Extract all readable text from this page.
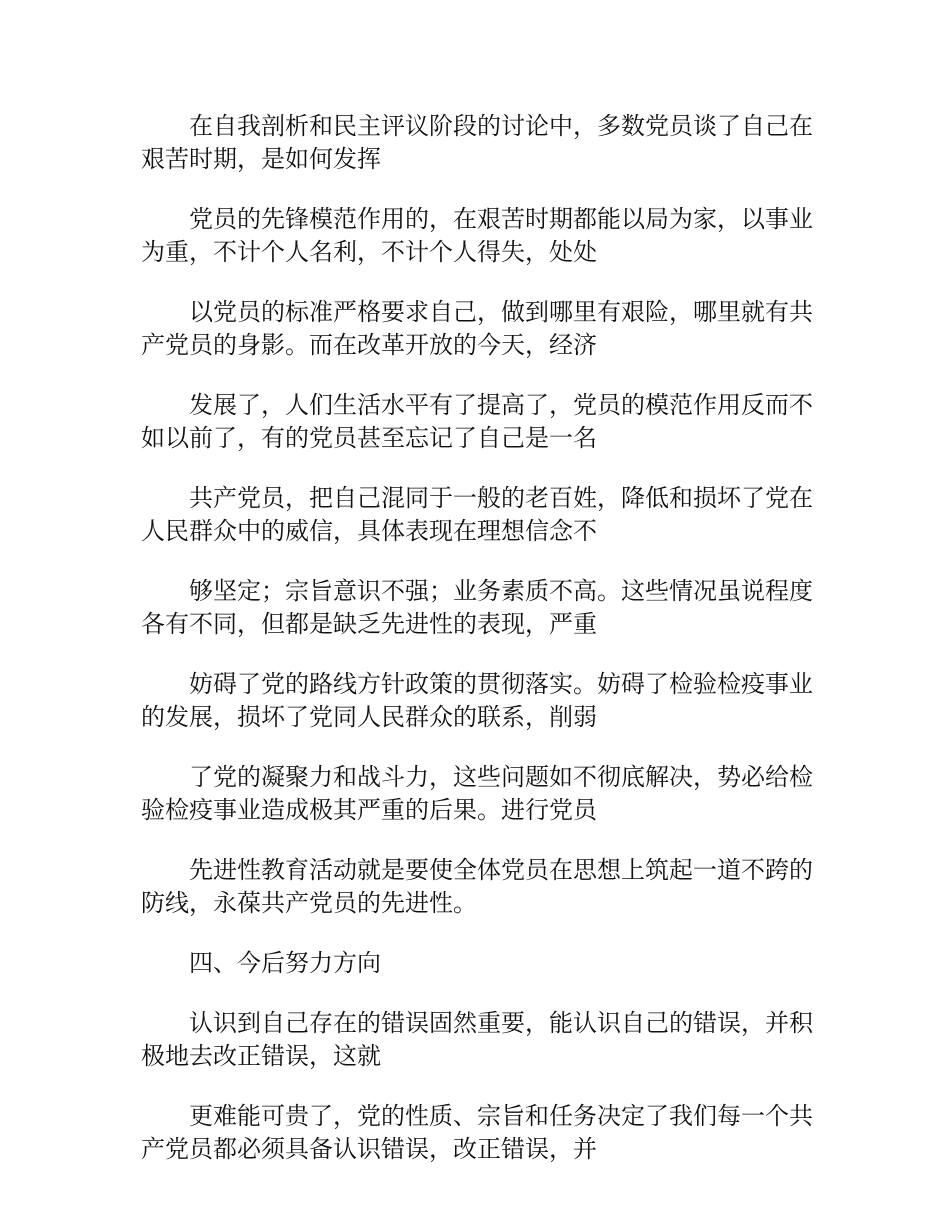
在自我剖析和民主评议阶段的讨论中，多数党员谈了自己在艰苦时期，是如何发挥

党员的先锋模范作用的，在艰苦时期都能以局为家，以事业为重，不计个人名利，不计个人得失，处处

以党员的标准严格要求自己，做到哪里有艰险，哪里就有共产党员的身影。而在改革开放的今天，经济

发展了，人们生活水平有了提高了，党员的模范作用反而不如以前了，有的党员甚至忘记了自己是一名

共产党员，把自己混同于一般的老百姓，降低和损坏了党在人民群众中的威信，具体表现在理想信念不

够坚定；宗旨意识不强；业务素质不高。这些情况虽说程度各有不同，但都是缺乏先进性的表现，严重

妨碍了党的路线方针政策的贯彻落实。妨碍了检验检疫事业的发展，损坏了党同人民群众的联系，削弱

了党的凝聚力和战斗力，这些问题如不彻底解决，势必给检验检疫事业造成极其严重的后果。进行党员

先进性教育活动就是要使全体党员在思想上筑起一道不跨的防线，永葆共产党员的先进性。

四、今后努力方向

认识到自己存在的错误固然重要，能认识自己的错误，并积极地去改正错误，这就

更难能可贵了，党的性质、宗旨和任务决定了我们每一个共产党员都必须具备认识错误，改正错误，并
